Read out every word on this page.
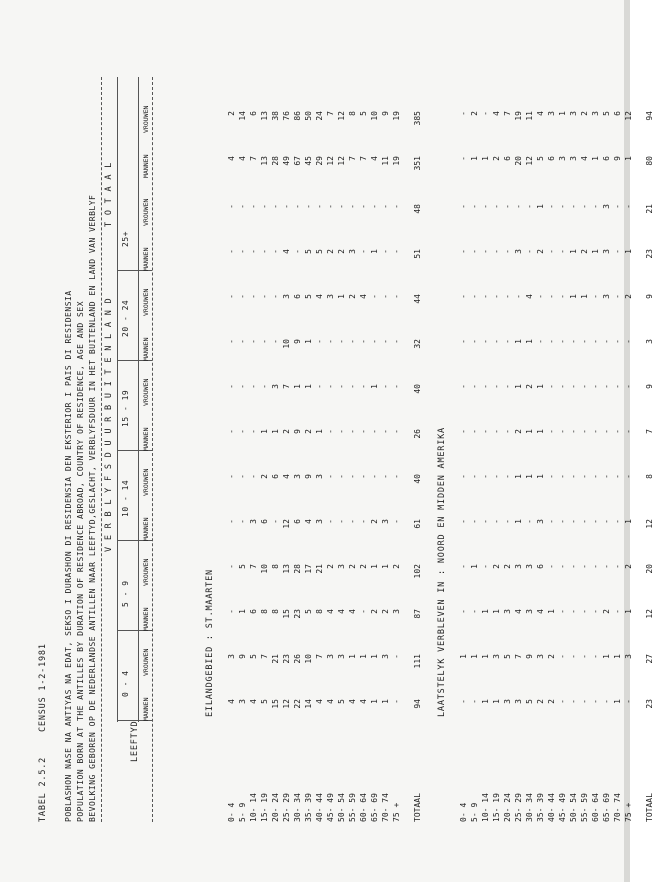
TABEL 2.5.2
CENSUS 1-2-1981 POBLASHON NASE NA ANTIYAS NA EDAT, SEKSO I DURASHON DI RESIDENSIA DEN EKSTERIOR I PAIS DI RESIDENSIA POPULATION BORN AT THE ANTILLES BY DURATION OF RESIDENCE ABROAD, COUNTRY OF RESIDENCE, AGE AND SEX BEVOLKING GEBOREN OP DE NEDERLANDSE ANTILLEN NAAR LEEFTYD,GESLACHT, VERBLYFSDUUR IN HET BUITENLAND EN LAND VAN VERBLYF	LEEFTYD
V E R B L Y F S D U U R B U I T E N L A N D
T O T A A L
0 - 4
5 - 9
10 - 14
15 - 19
20 - 24
25+
MANNEN
VROUWEN
MANNEN
VROUWEN
MANNEN
VROUWEN
MANNEN
VROUWEN
MANNEN
VROUWEN
MANNEN
VROUWEN
MANNEN
VROUWEN
EILANDGEBIED : ST.MAARTEN
0- 4
4
3
-
-
-
-
-
-
-
-
-
-
4
2
5- 9
3
9
1
5
-
-
-
-
-
-
-
-
4
14
10- 14
4
5
6
7
3
-
-
-
-
-
-
-
7
6
15- 19
5
7
8
10
6
2
1
-
-
-
-
-
13
13
20- 24
15
21
8
8
-
6
1
3
-
-
-
-
28
38
25- 29
12
23
15
13
12
4
2
7
10
3
4
-
49
76
30- 34
22
26
23
28
6
3
9
1
9
6
-
-
67
86
35- 39
14
10
5
17
4
9
2
1
1
5
5
-
45
50
40- 44
4
7
8
21
3
3
1
-
-
4
5
-
29
24
45- 49
4
3
4
2
-
-
-
-
-
3
2
-
12
7
50- 54
5
3
4
3
-
-
-
-
-
1
2
-
12
12
55- 59
4
1
4
2
-
-
-
-
-
2
3
-
7
8
60- 64
4
1
-
2
-
-
-
-
-
4
-
-
7
5
65- 69
1
1
2
1
2
-
-
1
-
-
1
-
4
10
70- 74
1
3
2
1
3
-
-
-
-
-
-
-
11
9
75 +
-
-
3
2
-
-
-
-
-
-
-
-
19
19
TOTAAL
94
111
87
102
61
40
26
40
32
44
51
48
351
385
LAATSTELYK VERBLEVEN IN : NOORD EN MIDDEN AMERIKA
0- 4
-
1
-
-
-
-
-
-
-
-
-
-
-
-
5- 9
-
1
-
1
-
-
-
-
-
-
-
-
1
2
10- 14
1
1
1
-
-
-
-
-
-
-
-
-
1
-
15- 19
1
3
1
2
-
-
-
-
-
-
-
-
2
4
20- 24
3
5
3
2
-
-
-
-
-
-
-
-
6
7
25- 29
3
7
4
3
1
1
2
1
1
-
3
-
20
19
30- 34
5
9
3
3
-
1
1
2
1
4
-
-
12
11
35- 39
2
3
4
6
3
1
1
1
-
-
2
1
5
4
40- 44
2
2
1
-
-
-
-
-
-
-
-
-
6
3
45- 49
-
-
-
-
-
-
-
-
-
-
-
-
3
1
50- 54
-
-
-
-
-
-
-
-
-
1
1
-
3
3
55- 59
-
-
-
-
-
-
-
-
-
1
2
-
4
2
60- 64
-
-
-
-
-
-
-
-
-
-
1
-
1
3
65- 69
-
1
2
-
-
-
-
-
-
3
3
3
6
5
70- 74
1
1
-
-
-
-
-
-
-
-
-
-
9
6
75 +
-
3
1
2
1
-
-
-
-
2
1
-
1
12
TOTAAL
23
27
12
20
12
8
7
9
3
9
23
21
80
94
